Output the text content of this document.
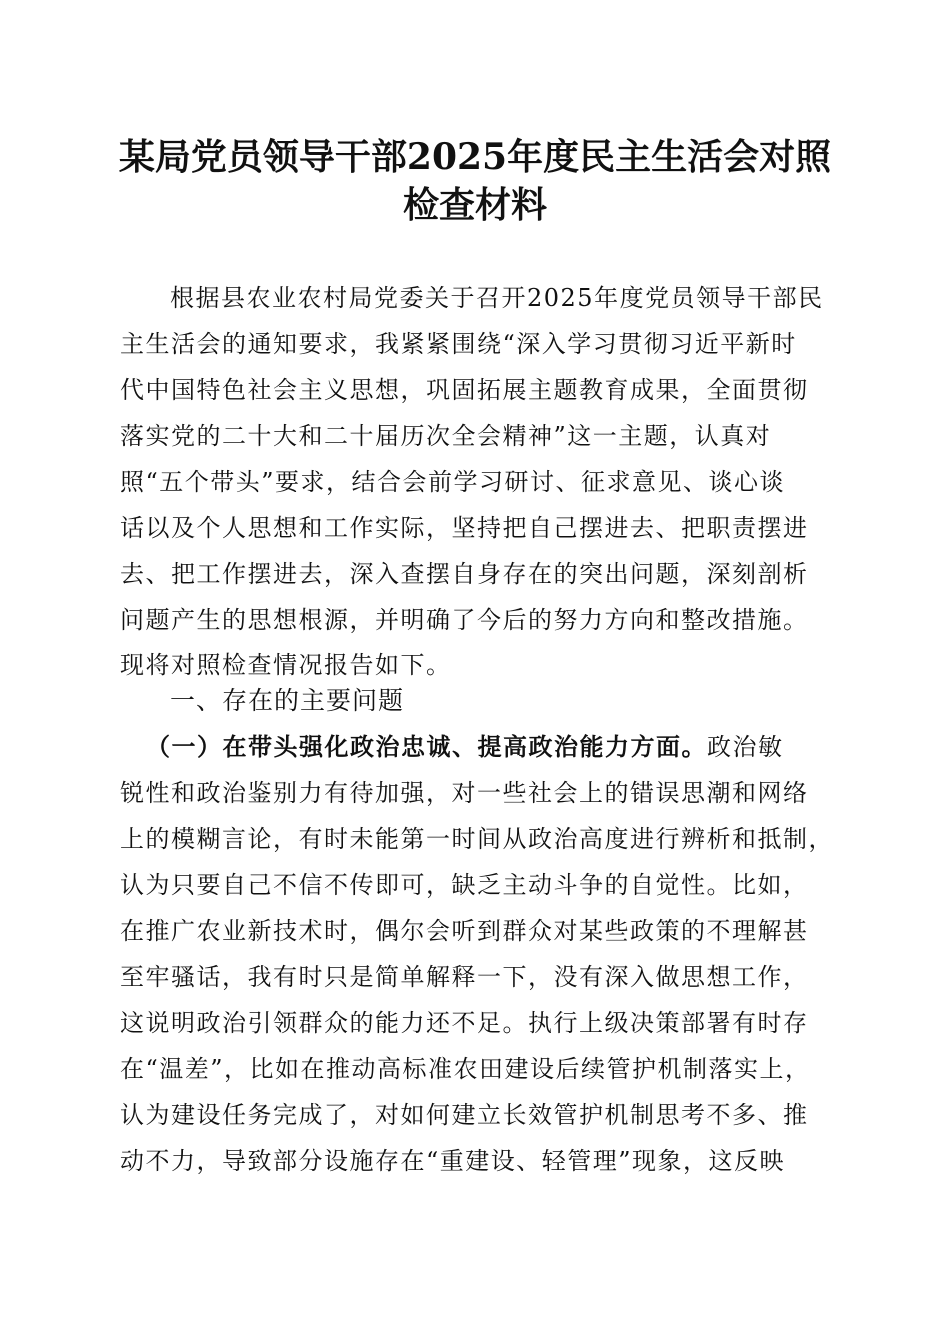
某局党员领导干部2025年度民主生活会对照
检查材料
根据县农业农村局党委关于召开2025年度党员领导干部民
主生活会的通知要求，我紧紧围绕“深入学习贯彻习近平新时
代中国特色社会主义思想，巩固拓展主题教育成果，全面贯彻
落实党的二十大和二十届历次全会精神”这一主题，认真对
照“五个带头”要求，结合会前学习研讨、征求意见、谈心谈
话以及个人思想和工作实际，坚持把自己摆进去、把职责摆进
去、把工作摆进去，深入查摆自身存在的突出问题，深刻剖析
问题产生的思想根源，并明确了今后的努力方向和整改措施。
现将对照检查情况报告如下。
一、存在的主要问题
（一）在带头强化政治忠诚、提高政治能力方面。政治敏
锐性和政治鉴别力有待加强，对一些社会上的错误思潮和网络
上的模糊言论，有时未能第一时间从政治高度进行辨析和抵制，
认为只要自己不信不传即可，缺乏主动斗争的自觉性。比如，
在推广农业新技术时，偶尔会听到群众对某些政策的不理解甚
至牢骚话，我有时只是简单解释一下，没有深入做思想工作，
这说明政治引领群众的能力还不足。执行上级决策部署有时存
在“温差”，比如在推动高标准农田建设后续管护机制落实上，
认为建设任务完成了，对如何建立长效管护机制思考不多、推
动不力，导致部分设施存在“重建设、轻管理”现象，这反映
